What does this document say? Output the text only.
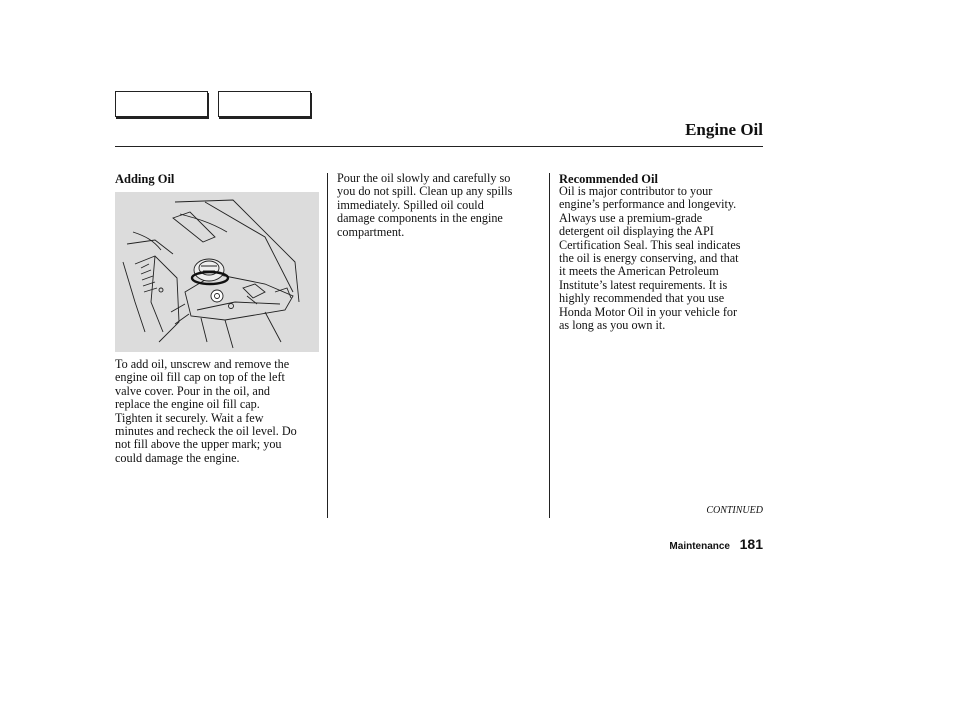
Engine Oil
Adding Oil
To add oil, unscrew and remove the
engine oil fill cap on top of the left
valve cover. Pour in the oil, and
replace the engine oil fill cap.
Tighten it securely. Wait a few
minutes and recheck the oil level. Do
not fill above the upper mark; you
could damage the engine.
Pour the oil slowly and carefully so
you do not spill. Clean up any spills
immediately. Spilled oil could
damage components in the engine
compartment.
Recommended Oil
Oil is major contributor to your
engine’s performance and longevity.
Always use a premium-grade
detergent oil displaying the API
Certification Seal. This seal indicates
the oil is energy conserving, and that
it meets the American Petroleum
Institute’s latest requirements. It is
highly recommended that you use
Honda Motor Oil in your vehicle for
as long as you own it.
CONTINUED
Maintenance 181
